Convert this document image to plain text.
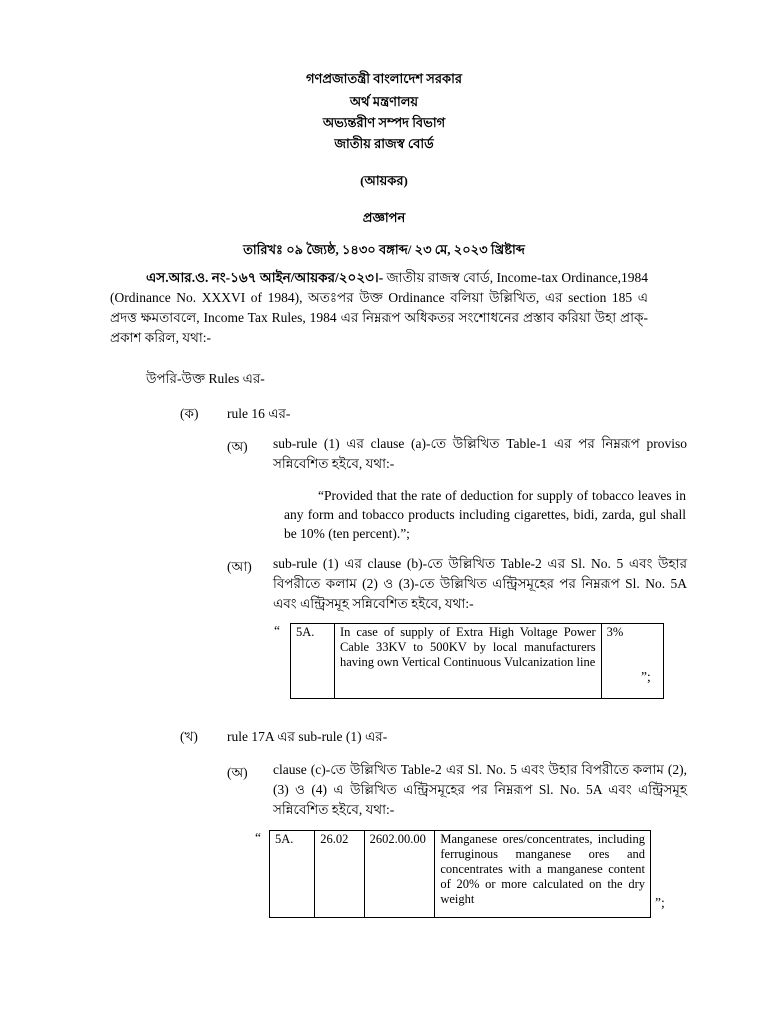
গণপ্রজাতন্ত্রী বাংলাদেশ সরকার
অর্থ মন্ত্রণালয়
অভ্যন্তরীণ সম্পদ বিভাগ
জাতীয় রাজস্ব বোর্ড
(আয়কর)
প্রজ্ঞাপন
তারিখঃ ০৯ জ্যৈষ্ঠ, ১৪৩০ বঙ্গাব্দ/ ২৩ মে, ২০২৩ খ্রিষ্টাব্দ
এস.আর.ও. নং-১৬৭ আইন/আয়কর/২০২৩।- জাতীয় রাজস্ব বোর্ড, Income-tax Ordinance,1984 (Ordinance No. XXXVI of 1984), অতঃপর উক্ত Ordinance বলিয়া উল্লিখিত, এর section 185 এ প্রদত্ত ক্ষমতাবলে, Income Tax Rules, 1984 এর নিম্নরূপ অধিকতর সংশোধনের প্রস্তাব করিয়া উহা প্রাক্-প্রকাশ করিল, যথা:-
উপরি-উক্ত Rules এর-
(ক) rule 16 এর-
(অ) sub-rule (1) এর clause (a)-তে উল্লিখিত Table-1 এর পর নিম্নরূপ proviso সন্নিবেশিত হইবে, যথা:-
“Provided that the rate of deduction for supply of tobacco leaves in any form and tobacco products including cigarettes, bidi, zarda, gul shall be 10% (ten percent).”;
(আ) sub-rule (1) এর clause (b)-তে উল্লিখিত Table-2 এর Sl. No. 5 এবং উহার বিপরীতে কলাম (2) ও (3)-তে উল্লিখিত এন্ট্রিসমূহের পর নিম্নরূপ Sl. No. 5A এবং এন্ট্রিসমূহ সন্নিবেশিত হইবে, যথা:-
“ 5A.	In case of supply of Extra High Voltage Power Cable 33KV to 500KV by local manufacturers having own Vertical Continuous Vulcanization line	3%
”;
(খ) rule 17A এর sub-rule (1) এর-
(অ) clause (c)-তে উল্লিখিত Table-2 এর Sl. No. 5 এবং উহার বিপরীতে কলাম (2), (3) ও (4) এ উল্লিখিত এন্ট্রিসমূহের পর নিম্নরূপ Sl. No. 5A এবং এন্ট্রিসমূহ সন্নিবেশিত হইবে, যথা:-
“ 5A.	26.02	2602.00.00	Manganese ores/concentrates, including ferruginous manganese ores and concentrates with a manganese content of 20% or more calculated on the dry weight	”;
